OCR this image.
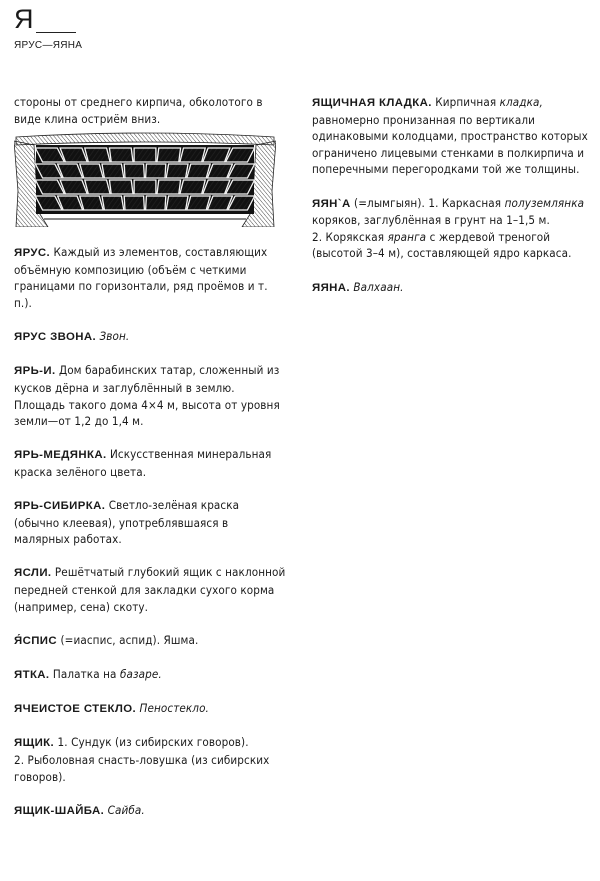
Я
ЯРУС—ЯЯНА

стороны от среднего кирпича, обколотого в виде клина остриём вниз.

ЯРУС. Каждый из элементов, составляющих объёмную композицию (объём с четкими границами по горизонтали, ряд проёмов и т. п.).

ЯРУС ЗВОНА. Звон.

ЯРЬ-И. Дом барабинских татар, сложенный из кусков дёрна и заглублённый в землю. Площадь такого дома 4×4 м, высота от уровня земли—от 1,2 до 1,4 м.

ЯРЬ-МЕДЯНКА. Искусственная минеральная краска зелёного цвета.

ЯРЬ-СИБИРКА. Светло-зелёная краска (обычно клеевая), употреблявшаяся в малярных работах.

ЯСЛИ. Решётчатый глубокий ящик с наклонной передней стенкой для закладки сухого корма (например, сена) скоту.

Я́СПИС (=иаспис, аспид). Яшма.

ЯТКА. Палатка на базаре.

ЯЧЕИСТОЕ СТЕКЛО. Пеностекло.

ЯЩИК. 1. Сундук (из сибирских говоров).

2. Рыболовная снасть-ловушка (из сибирских говоров).

ЯЩИК-ШАЙБА. Сайба.

ЯЩИЧНАЯ КЛАДКА. Кирпичная кладка, равномерно пронизанная по вертикали одинаковыми колодцами, пространство которых ограничено лицевыми стенками в полкирпича и поперечными перегородками той же толщины.

ЯЯН`А (=лымгыян). 1. Каркасная полуземлянка коряков, заглублённая в грунт на 1–1,5 м.

2. Корякская яранга с жердевой треногой (высотой 3–4 м), составляющей ядро каркаса.

ЯЯНА. Валхаан.
